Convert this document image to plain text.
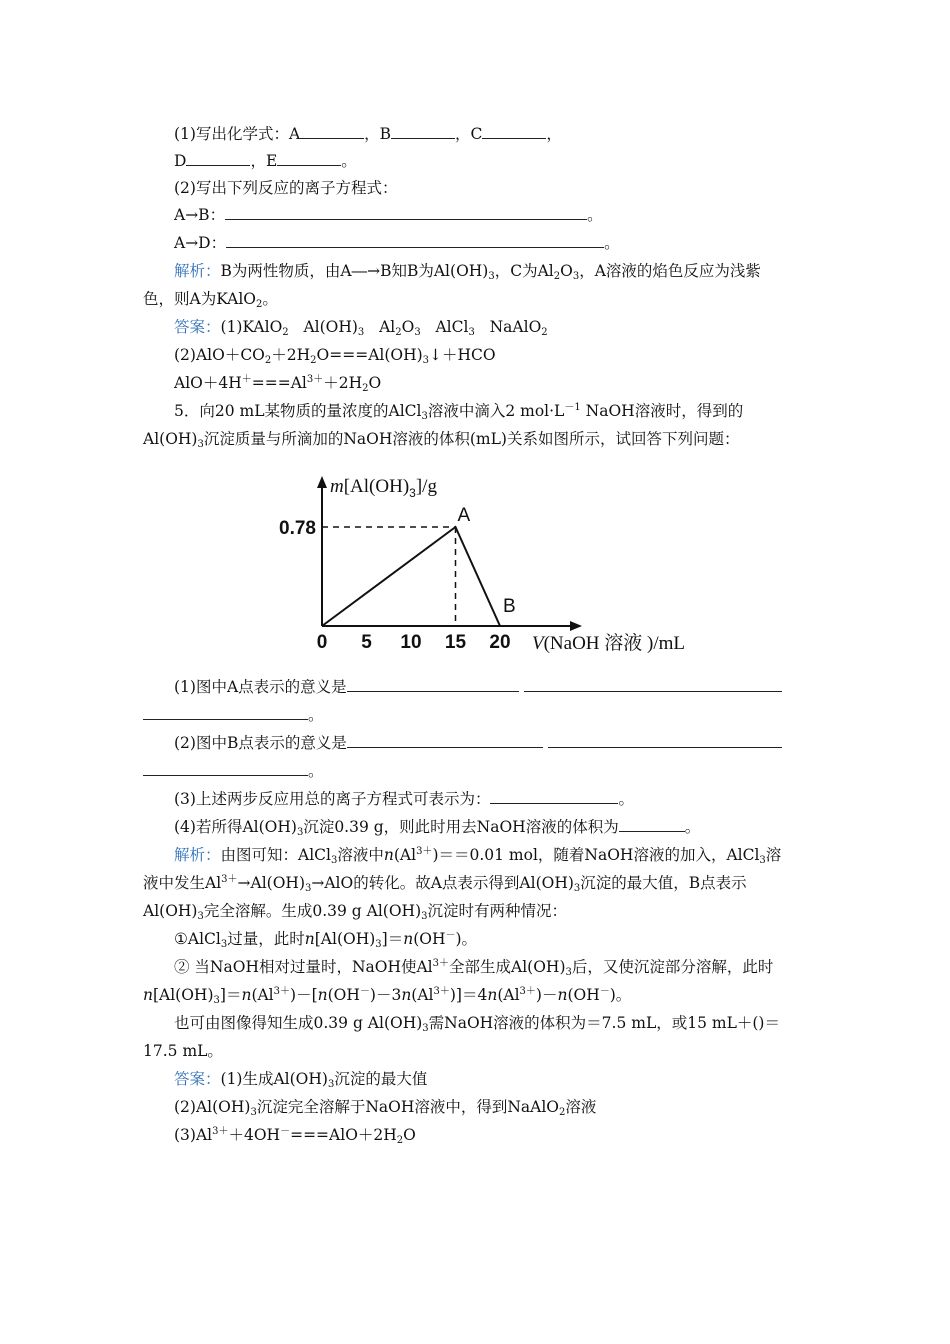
(1)写出化学式：A	，B	，C	，
D	，E	。
(2)写出下列反应的离子方程式：
A→B：	。
A→D：	。
解析：B为两性物质，由A―→B知B为$Al(OH)_3$，C为$Al_2O_3$，A溶液的焰色反应为浅紫
色，则A为KAlO$_2$。
答案：(1)KAlO$_2$ $Al(OH)_3$ $Al_2O_3$ AlCl$_3$ NaAlO$_2$
$(2)AlO+CO_2+2H_2O===Al(OH)_3↓+HCO$
$AlO+4H^+===Al^{3+}+2H_2O$
5．向20 mL某物质的量浓度的AlCl$_3$溶液中滴入2 $mol\cdot L^{-1}$ NaOH溶液时，得到的
$Al(OH)_3$沉淀质量与所滴加的NaOH溶液的体积(mL)关系如图所示，试回答下列问题：
$m[Al(OH)_3]/g$
V(NaOH 溶液 )/mL
0 5 10 15 20
0.78
A
B
(1)图中A点表示的意义是
。
(2)图中B点表示的意义是
。
(3)上述两步反应用总的离子方程式可表示为：	。
(4)若所得$Al(OH)_3$沉淀0.39 g，则此时用去NaOH溶液的体积为	。
解析：由图可知：AlCl$_3$溶液中$n(Al^{3+})==0.01$ mol，随着NaOH溶液的加入，AlCl$_3$溶
液中发生$Al^{3+}\to Al(OH)_3\to AlO$的转化。故A点表示得到$Al(OH)_3$沉淀的最大值，B点表示
$Al(OH)_3$完全溶解。生成0.39 g $Al(OH)_3$沉淀时有两种情况：
①AlCl$_3$过量，此时$n[Al(OH)_3]=n(OH^-)$。
② 当NaOH相对过量时，NaOH使$Al^{3+}$全部生成$Al(OH)_3$后，又使沉淀部分溶解，此时
$n[Al(OH)_3]=n(Al^{3+})-[n(OH^-)-3n(Al^{3+})]=4n(Al^{3+})-n(OH^-)$。
也可由图像得知生成0.39 g $Al(OH)_3$需NaOH溶液的体积为＝7.5 mL，或15 mL＋()＝
17.5 mL。
答案：(1)生成$Al(OH)_3$沉淀的最大值
$(2)Al(OH)_3$沉淀完全溶解于NaOH溶液中，得到NaAlO$_2$溶液
$(3)Al^{3+}+4OH^-===AlO+2H_2O$
